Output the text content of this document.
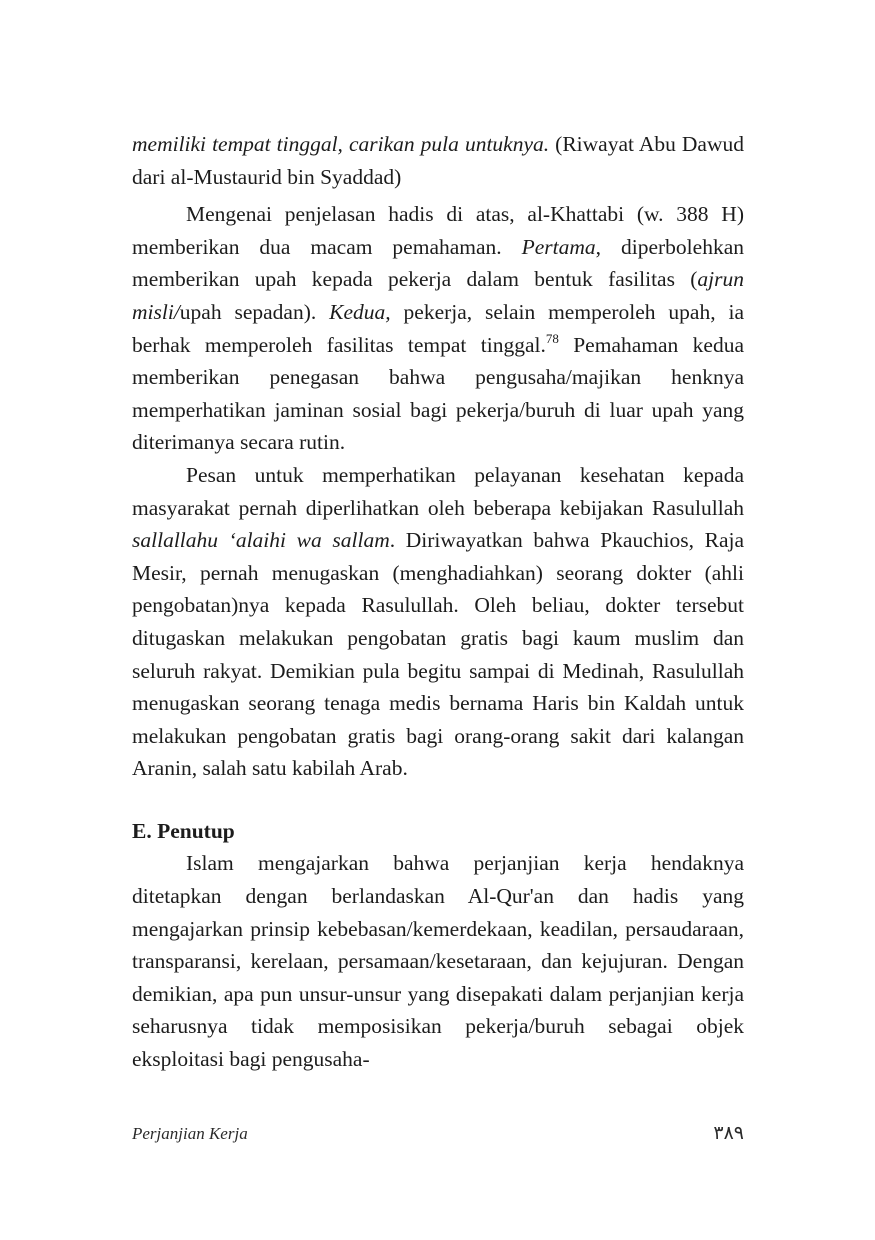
memiliki tempat tinggal, carikan pula untuknya. (Riwayat Abu Dawud dari al-Mustaurid bin Syaddad)

Mengenai penjelasan hadis di atas, al-Khattabi (w. 388 H) memberikan dua macam pemahaman. Pertama, diperbolehkan memberikan upah kepada pekerja dalam bentuk fasilitas (ajrun misli/upah sepadan). Kedua, pekerja, selain memperoleh upah, ia berhak memperoleh fasilitas tempat tinggal.$^{78}$ Pemahaman kedua memberikan penegasan bahwa pengusaha/majikan henknya memperhatikan jaminan sosial bagi pekerja/buruh di luar upah yang diterimanya secara rutin.

Pesan untuk memperhatikan pelayanan kesehatan kepada masyarakat pernah diperlihatkan oleh beberapa kebijakan Rasulullah sallallahu ‘alaihi wa sallam. Diriwayatkan bahwa Pkauchios, Raja Mesir, pernah menugaskan (menghadiahkan) seorang dokter (ahli pengobatan)nya kepada Rasulullah. Oleh beliau, dokter tersebut ditugaskan melakukan pengobatan gratis bagi kaum muslim dan seluruh rakyat. Demikian pula begitu sampai di Medinah, Rasulullah menugaskan seorang tenaga medis bernama Haris bin Kaldah untuk melakukan pengobatan gratis bagi orang-orang sakit dari kalangan Aranin, salah satu kabilah Arab.

E. Penutup

Islam mengajarkan bahwa perjanjian kerja hendaknya ditetapkan dengan berlandaskan Al-Qur'an dan hadis yang mengajarkan prinsip kebebasan/kemerdekaan, keadilan, persaudaraan, transparansi, kerelaan, persamaan/kesetaraan, dan kejujuran. Dengan demikian, apa pun unsur-unsur yang disepakati dalam perjanjian kerja seharusnya tidak memposisikan pekerja/buruh sebagai objek eksploitasi bagi pengusaha-

Perjanjian Kerja	٣٨٩
